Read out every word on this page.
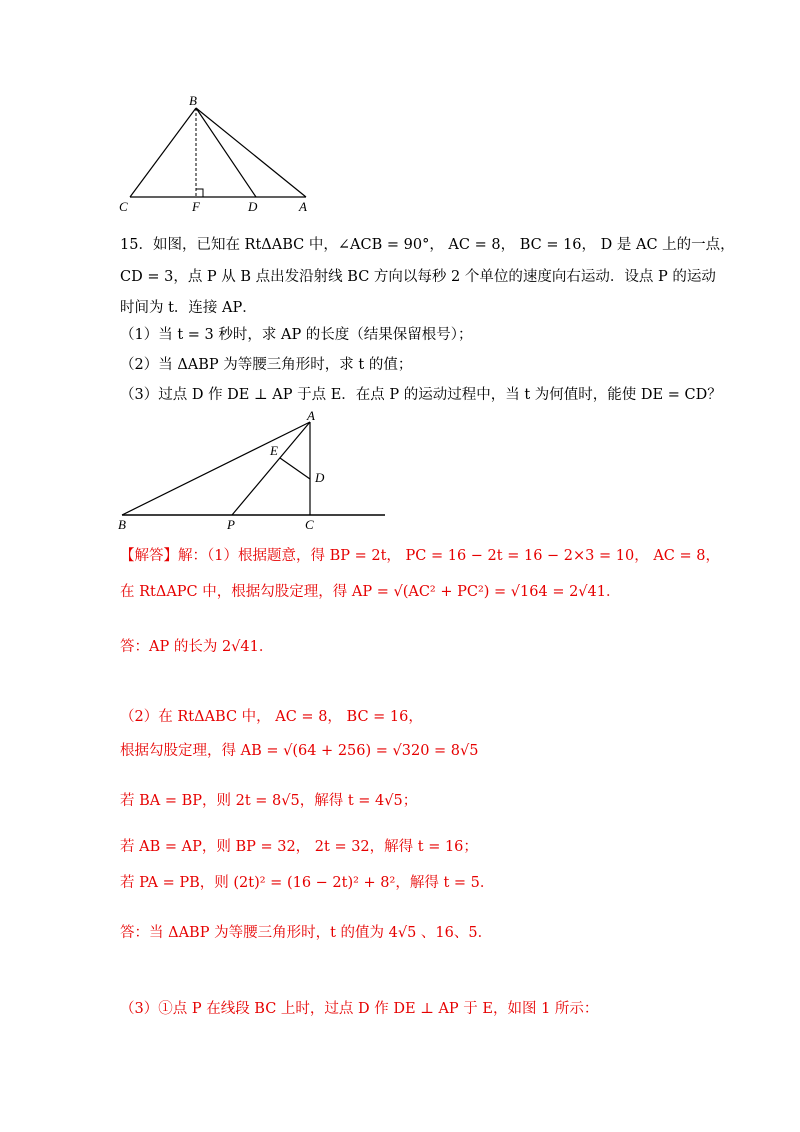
B
C	F	D	A
15．如图，已知在 RtΔABC 中，∠ACB = 90°， AC = 8， BC = 16， D 是 AC 上的一点，
CD = 3，点 P 从 B 点出发沿射线 BC 方向以每秒 2 个单位的速度向右运动．设点 P 的运动
时间为 t．连接 AP．
（1）当 t = 3 秒时，求 AP 的长度（结果保留根号）；
（2）当 ΔABP 为等腰三角形时，求 t 的值；
（3）过点 D 作 DE ⊥ AP 于点 E．在点 P 的运动过程中，当 t 为何值时，能使 DE = CD？
A
E
D
B	P	C
【解答】解：（1）根据题意，得 BP = 2t， PC = 16 − 2t = 16 − 2×3 = 10， AC = 8，
在 RtΔAPC 中，根据勾股定理，得 AP = √(AC² + PC²) = √164 = 2√41．
答：AP 的长为 2√41．
（2）在 RtΔABC 中， AC = 8， BC = 16，
根据勾股定理，得 AB = √(64 + 256) = √320 = 8√5
若 BA = BP，则 2t = 8√5，解得 t = 4√5；
若 AB = AP，则 BP = 32， 2t = 32，解得 t = 16；
若 PA = PB，则 (2t)² = (16 − 2t)² + 8²，解得 t = 5．
答：当 ΔABP 为等腰三角形时，t 的值为 4√5 、16、5．
（3）①点 P 在线段 BC 上时，过点 D 作 DE ⊥ AP 于 E，如图 1 所示：
